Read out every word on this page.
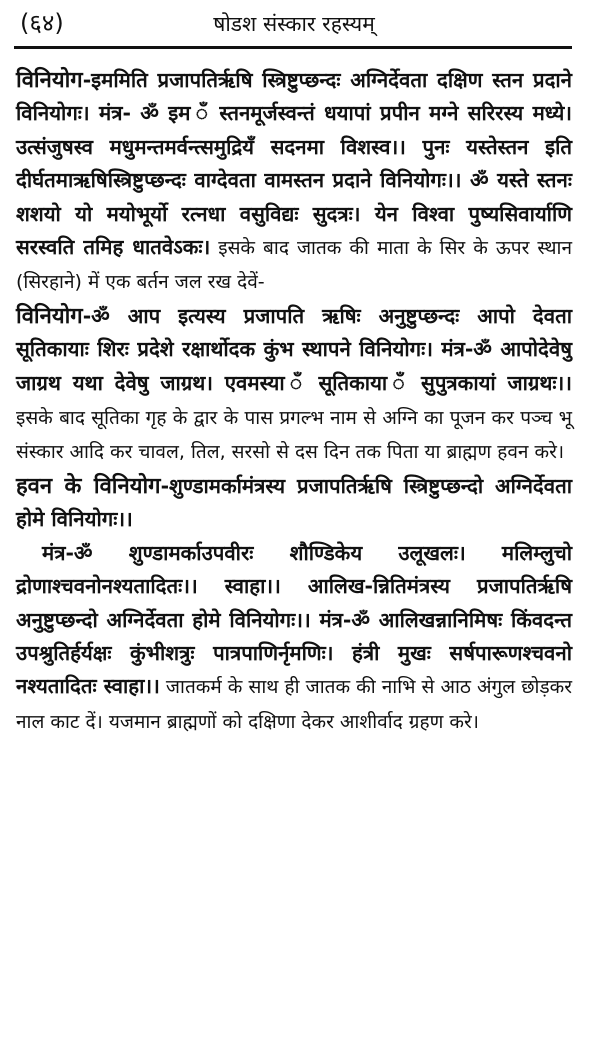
(६४)	षोडश संस्कार रहस्यम्

विनियोग-इममिति प्रजापतिर्ऋषि स्त्रिष्टुप्छन्दः अग्निर्देवता दक्षिण स्तन प्रदाने विनियोगः। मंत्र- ॐ इम ँ स्तनमूर्जस्वन्तं धयापां प्रपीन मग्ने सरिरस्य मध्ये। उत्संजुषस्व मधुमन्तमर्वन्त्समुद्रियँ सदनमा विशस्व।। पुनः यस्तेस्तन इति दीर्घतमाऋषिस्त्रिष्टुप्छन्दः वाग्देवता वामस्तन प्रदाने विनियोगः।। ॐ यस्ते स्तनः शशयो यो मयोभूर्यो रत्नधा वसुविद्यः सुदत्रः। येन विश्वा पुष्यसिवार्याणि सरस्वति तमिह धातवेऽकः। इसके बाद जातक की माता के सिर के ऊपर स्थान (सिरहाने) में एक बर्तन जल रख देवें-

विनियोग-ॐ आप इत्यस्य प्रजापति ऋषिः अनुष्टुप्छन्दः आपो देवता सूतिकायाः शिरः प्रदेशे रक्षार्थोदक कुंभ स्थापने विनियोगः। मंत्र-ॐ आपोदेवेषु जाग्रथ यथा देवेषु जाग्रथ। एवमस्या ँ सूतिकाया ँ सुपुत्रकायां जाग्रथः।। इसके बाद सूतिका गृह के द्वार के पास प्रगल्भ नाम से अग्नि का पूजन कर पञ्च भू संस्कार आदि कर चावल, तिल, सरसो से दस दिन तक पिता या ब्राह्मण हवन करे।

हवन के विनियोग-शुण्डामर्कामंत्रस्य प्रजापतिर्ऋषि स्त्रिष्टुप्छन्दो अग्निर्देवता होमे विनियोगः।।

मंत्र-ॐ शुण्डामर्काउपवीरः शौण्डिकेय उलूखलः। मलिम्लुचो द्रोणाश्चवनोनश्यतादितः।। स्वाहा।। आलिख-न्नितिमंत्रस्य प्रजापतिर्ऋषि अनुष्टुप्छन्दो अग्निर्देवता होमे विनियोगः।। मंत्र-ॐ आलिखन्नानिमिषः किंवदन्त उपश्रुतिर्हर्यक्षः कुंभीशत्रुः पात्रपाणिर्नृमणिः। हंत्री मुखः सर्षपारूणश्चवनो नश्यतादितः स्वाहा।। जातकर्म के साथ ही जातक की नाभि से आठ अंगुल छोड़कर नाल काट दें। यजमान ब्राह्मणों को दक्षिणा देकर आशीर्वाद ग्रहण करे।
